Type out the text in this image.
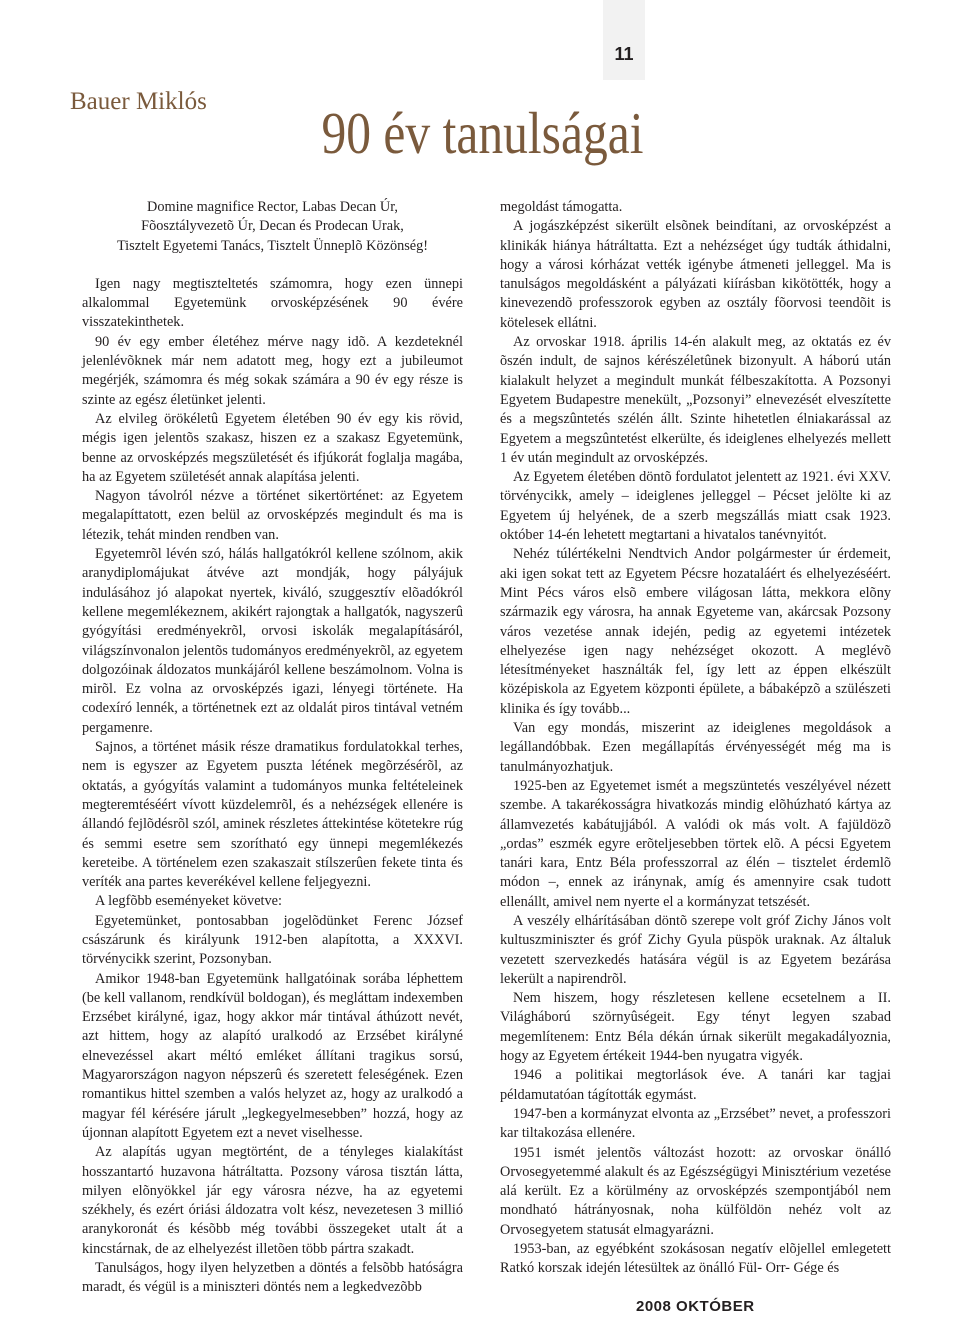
11
Bauer Miklós	90 év tanulságai
Domine magnifice Rector, Labas Decan Úr,
Fõosztályvezetõ Úr, Decan és Prodecan Urak,
Tisztelt Egyetemi Tanács, Tisztelt Ünneplõ Közönség!

Igen nagy megtiszteltetés számomra, hogy ezen ünnepi alkalommal Egyetemünk orvosképzésének 90 évére visszatekinthetek.

90 év egy ember életéhez mérve nagy idõ. A kezdeteknél jelenlévõknek már nem adatott meg, hogy ezt a jubileumot megérjék, számomra és még sokak számára a 90 év egy része is szinte az egész életünket jelenti.

Az elvileg örökéletû Egyetem életében 90 év egy kis rövid, mégis igen jelentõs szakasz, hiszen ez a szakasz Egyetemünk, benne az orvosképzés megszületését és ifjúkorát foglalja magába, ha az Egyetem születését annak alapítása jelenti.

Nagyon távolról nézve a történet sikertörténet: az Egyetem megalapíttatott, ezen belül az orvosképzés megindult és ma is létezik, tehát minden rendben van.

Egyetemrõl lévén szó, hálás hallgatókról kellene szólnom, akik aranydiplomájukat átvéve azt mondják, hogy pályájuk indulásához jó alapokat nyertek, kiváló, szuggesztív elõadókról kellene megemlékeznem, akikért rajongtak a hallgatók, nagyszerû gyógyítási eredményekrõl, orvosi iskolák megalapításáról, világszínvonalon jelentõs tudományos eredményekrõl, az egyetem dolgozóinak áldozatos munkájáról kellene beszámolnom. Volna is mirõl. Ez volna az orvosképzés igazi, lényegi története. Ha codexíró lennék, a történetnek ezt az oldalát piros tintával vetném pergamenre.

Sajnos, a történet másik része dramatikus fordulatokkal terhes, nem is egyszer az Egyetem puszta létének megõrzésérõl, az oktatás, a gyógyítás valamint a tudományos munka feltételeinek megteremtéséért vívott küzdelemrõl, és a nehézségek ellenére is állandó fejlõdésrõl szól, aminek részletes áttekintése kötetekre rúg és semmi esetre sem szorítható egy ünnepi megemlékezés kereteibe. A történelem ezen szakaszait stílszerûen fekete tinta és veríték ana partes keverékével kellene feljegyezni.

A legfõbb eseményeket követve:

Egyetemünket, pontosabban jogelõdünket Ferenc József császárunk és királyunk 1912-ben alapította, a XXXVI. törvénycikk szerint, Pozsonyban.

Amikor 1948-ban Egyetemünk hallgatóinak sorába léphettem (be kell vallanom, rendkívül boldogan), és megláttam indexemben Erzsébet királyné, igaz, hogy akkor már tintával áthúzott nevét, azt hittem, hogy az alapító uralkodó az Erzsébet királyné elnevezéssel akart méltó emléket állítani tragikus sorsú, Magyarországon nagyon népszerû és szeretett feleségének. Ezen romantikus hittel szemben a valós helyzet az, hogy az uralkodó a magyar fél kérésére járult „legkegyelmesebben” hozzá, hogy az újonnan alapított Egyetem ezt a nevet viselhesse.

Az alapítás ugyan megtörtént, de a tényleges kialakítást hosszantartó huzavona hátráltatta. Pozsony városa tisztán látta, milyen elõnyökkel jár egy városra nézve, ha az egyetemi székhely, és ezért óriási áldozatra volt kész, nevezetesen 3 millió aranykoronát és késõbb még további összegeket utalt át a kincstárnak, de az elhelyezést illetõen több pártra szakadt.

Tanulságos, hogy ilyen helyzetben a döntés a felsõbb hatóságra maradt, és végül is a miniszteri döntés nem a legkedvezõbb

megoldást támogatta.

A jogászképzést sikerült elsõnek beindítani, az orvosképzést a klinikák hiánya hátráltatta. Ezt a nehézséget úgy tudták áthidalni, hogy a városi kórházat vették igénybe átmeneti jelleggel. Ma is tanulságos megoldásként a pályázati kiírásban kikötötték, hogy a kinevezendõ professzorok egyben az osztály fõorvosi teendõit is kötelesek ellátni.

Az orvoskar 1918. április 14-én alakult meg, az oktatás ez év õszén indult, de sajnos kérészéletûnek bizonyult. A háború után kialakult helyzet a megindult munkát félbeszakította. A Pozsonyi Egyetem Budapestre menekült, „Pozsonyi” elnevezését elveszítette és a megszûntetés szélén állt. Szinte hihetetlen élniakarással az Egyetem a megszûntetést elkerülte, és ideiglenes elhelyezés mellett 1 év után megindult az orvosképzés.

Az Egyetem életében döntõ fordulatot jelentett az 1921. évi XXV. törvénycikk, amely – ideiglenes jelleggel – Pécset jelölte ki az Egyetem új helyének, de a szerb megszállás miatt csak 1923. október 14-én lehetett megtartani a hivatalos tanévnyitót.

Nehéz túlértékelni Nendtvich Andor polgármester úr érdemeit, aki igen sokat tett az Egyetem Pécsre hozataláért és elhelyezéséért. Mint Pécs város elsõ embere világosan látta, mekkora elõny származik egy városra, ha annak Egyeteme van, akárcsak Pozsony város vezetése annak idején, pedig az egyetemi intézetek elhelyezése igen nagy nehézséget okozott. A meglévõ létesítményeket használták fel, így lett az éppen elkészült középiskola az Egyetem központi épülete, a bábaképzõ a szülészeti klinika és így tovább...

Van egy mondás, miszerint az ideiglenes megoldások a legállandóbbak. Ezen megállapítás érvényességét még ma is tanulmányozhatjuk.

1925-ben az Egyetemet ismét a megszüntetés veszélyével nézett szembe. A takarékosságra hivatkozás mindig elõhúzható kártya az államvezetés kabátujjából. A valódi ok más volt. A fajüldözõ „ordas” eszmék egyre erõteljesebben törtek elõ. A pécsi Egyetem tanári kara, Entz Béla professzorral az élén – tisztelet érdemlõ módon –, ennek az iránynak, amíg és amennyire csak tudott ellenállt, amivel nem nyerte el a kormányzat tetszését.

A veszély elhárításában döntõ szerepe volt gróf Zichy János volt kultuszminiszter és gróf Zichy Gyula püspök uraknak. Az általuk vezetett szervezkedés hatására végül is az Egyetem bezárása lekerült a napirendrõl.

Nem hiszem, hogy részletesen kellene ecsetelnem a II. Világháború szörnyûségeit. Egy tényt legyen szabad megemlítenem: Entz Béla dékán úrnak sikerült megakadályoznia, hogy az Egyetem értékeit 1944-ben nyugatra vigyék.

1946 a politikai megtorlások éve. A tanári kar tagjai példamutatóan tágították egymást.

1947-ben a kormányzat elvonta az „Erzsébet” nevet, a professzori kar tiltakozása ellenére.

1951 ismét jelentõs változást hozott: az orvoskar önálló Orvosegyetemmé alakult és az Egészségügyi Minisztérium vezetése alá került. Ez a körülmény az orvosképzés szempontjából nem mondható hátrányosnak, noha külföldön nehéz volt az Orvosegyetem statusát elmagyarázni.

1953-ban, az egyébként szokásosan negatív elõjellel emlegetett Ratkó korszak idején létesültek az önálló Fül- Orr- Gége és

2008 OKTÓBER
